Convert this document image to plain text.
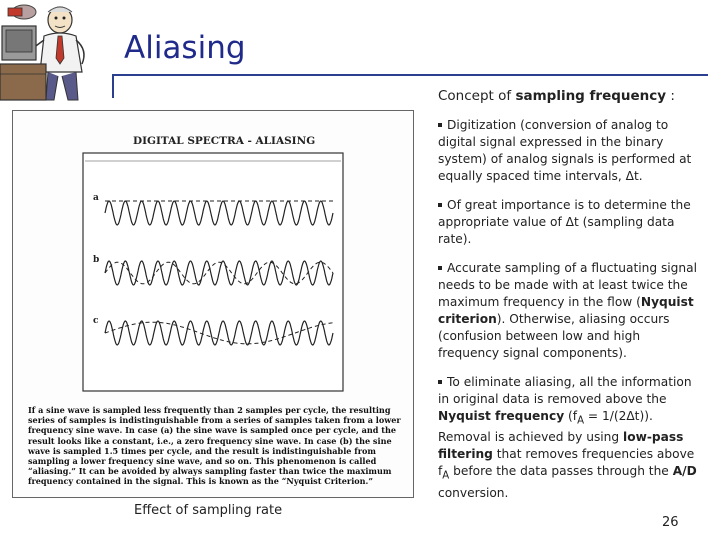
Aliasing
DIGITAL SPECTRA - ALIASING
a
b
c
If a sine wave is sampled less frequently than 2 samples per cycle, the resulting series of samples is indistinguishable from a series of samples taken from a lower frequency sine wave. In case (a) the sine wave is sampled once per cycle, and the result looks like a constant, i.e., a zero frequency sine wave. In case (b) the sine wave is sampled 1.5 times per cycle, and the result is indistinguishable from sampling a lower frequency sine wave, and so on. This phenomenon is called “aliasing.” It can be avoided by always sampling faster than twice the maximum frequency contained in the signal. This is known as the “Nyquist Criterion.”
Effect of sampling rate
Concept of sampling frequency :
Digitization (conversion of analog to digital signal expressed in the binary system) of analog signals is performed at equally spaced time intervals, Δt.
Of great importance is to determine the appropriate value of Δt (sampling data rate).
Accurate sampling of a fluctuating signal needs to be made with at least twice the maximum frequency in the flow (Nyquist criterion). Otherwise, aliasing occurs (confusion between low and high frequency signal components).
To eliminate aliasing, all the information in original data is removed above the Nyquist frequency $(f_A = 1/(2\Delta t))$. Removal is achieved by using low-pass filtering that removes frequencies above $f_A$ before the data passes through the A/D conversion.
26
